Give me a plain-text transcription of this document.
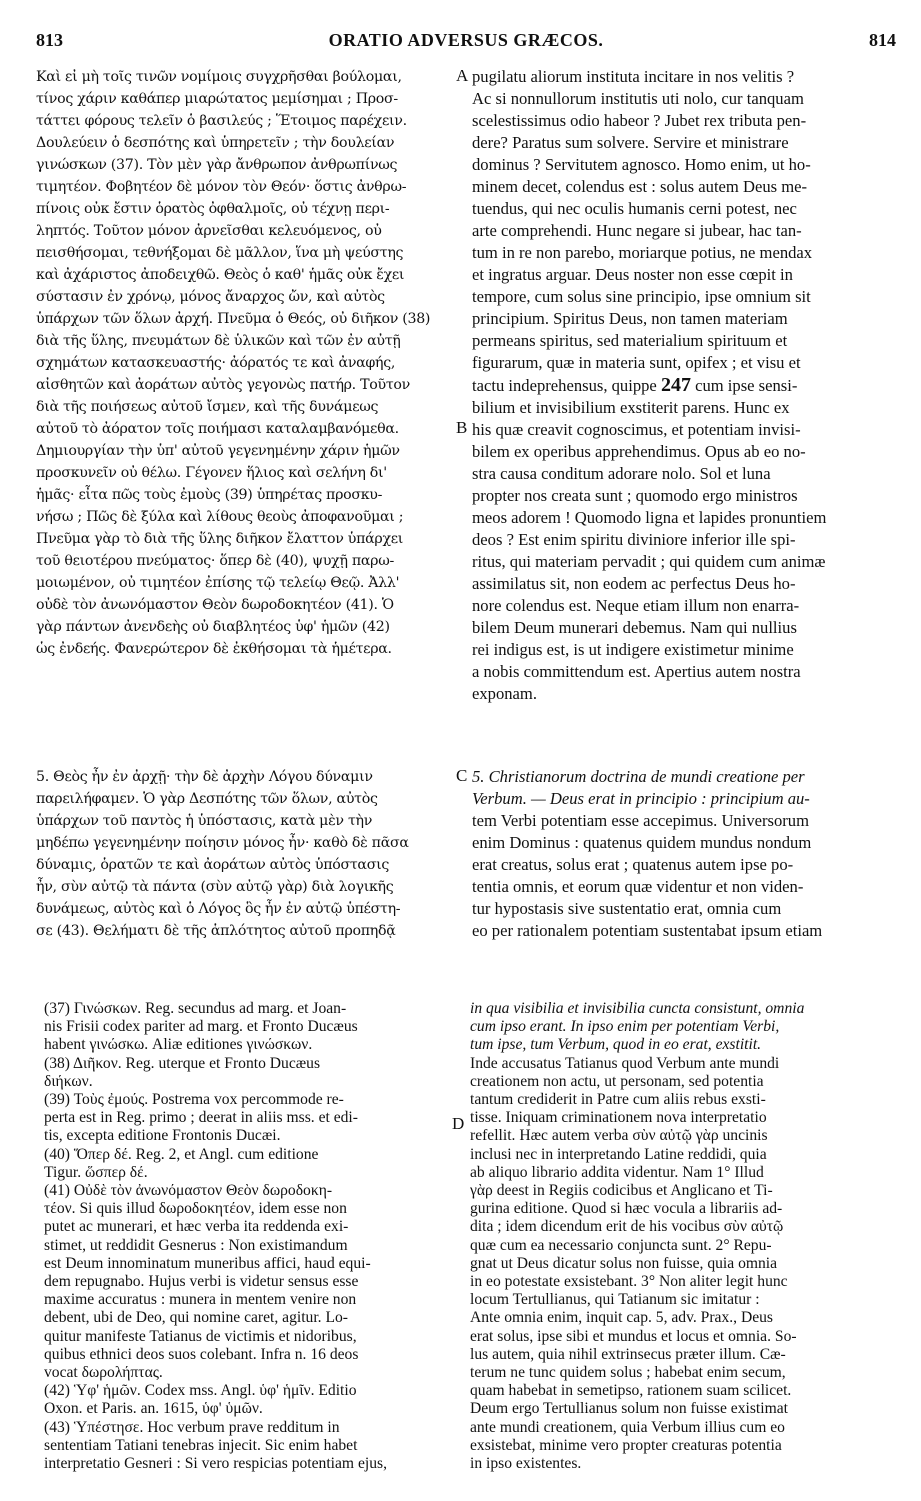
813	ORATIO ADVERSUS GRÆCOS.	814
Καὶ εἰ μὴ τοῖς τινῶν νομίμοις συγχρῆσθαι βούλομαι,
τίνος χάριν καθάπερ μιαρώτατος μεμίσημαι ; Προσ-
τάττει φόρους τελεῖν ὁ βασιλεύς ; Ἕτοιμος παρέχειν.
Δουλεύειν ὁ δεσπότης καὶ ὑπηρετεῖν ; τὴν δουλείαν
γινώσκων (37). Τὸν μὲν γὰρ ἄνθρωπον ἀνθρωπίνως
τιμητέον. Φοβητέον δὲ μόνον τὸν Θεόν· ὅστις ἀνθρω-
πίνοις οὐκ ἔστιν ὁρατὸς ὀφθαλμοῖς, οὐ τέχνῃ περι-
ληπτός. Τοῦτον μόνον ἀρνεῖσθαι κελευόμενος, οὐ
πεισθήσομαι, τεθνήξομαι δὲ μᾶλλον, ἵνα μὴ ψεύστης
καὶ ἀχάριστος ἀποδειχθῶ. Θεὸς ὁ καθ' ἡμᾶς οὐκ ἔχει
σύστασιν ἐν χρόνῳ, μόνος ἄναρχος ὤν, καὶ αὐτὸς
ὑπάρχων τῶν ὅλων ἀρχή. Πνεῦμα ὁ Θεός, οὐ διῆκον (38)
διὰ τῆς ὕλης, πνευμάτων δὲ ὑλικῶν καὶ τῶν ἐν αὐτῇ
σχημάτων κατασκευαστής· ἀόρατός τε καὶ ἀναφής,
αἰσθητῶν καὶ ἀοράτων αὐτὸς γεγονὼς πατήρ. Τοῦτον
διὰ τῆς ποιήσεως αὐτοῦ ἴσμεν, καὶ τῆς δυνάμεως
αὐτοῦ τὸ ἀόρατον τοῖς ποιήμασι καταλαμβανόμεθα.
Δημιουργίαν τὴν ὑπ' αὐτοῦ γεγενημένην χάριν ἡμῶν
προσκυνεῖν οὐ θέλω. Γέγονεν ἥλιος καὶ σελήνη δι'
ἡμᾶς· εἶτα πῶς τοὺς ἐμοὺς (39) ὑπηρέτας προσκυ-
νήσω ; Πῶς δὲ ξύλα καὶ λίθους θεοὺς ἀποφανοῦμαι ;
Πνεῦμα γὰρ τὸ διὰ τῆς ὕλης διῆκον ἔλαττον ὑπάρχει
τοῦ θειοτέρου πνεύματος· ὅπερ δὲ (40), ψυχῇ παρω-
μοιωμένον, οὐ τιμητέον ἐπίσης τῷ τελείῳ Θεῷ. Ἀλλ'
οὐδὲ τὸν ἀνωνόμαστον Θεὸν δωροδοκητέον (41). Ὁ
γὰρ πάντων ἀνενδεὴς οὐ διαβλητέος ὑφ' ἡμῶν (42)
ὡς ἐνδεής. Φανερώτερον δὲ ἐκθήσομαι τὰ ἡμέτερα.
pugilatu aliorum instituta incitare in nos velitis ?
Ac si nonnullorum institutis uti nolo, cur tanquam
scelestissimus odio habeor ? Jubet rex tributa pen-
dere? Paratus sum solvere. Servire et ministrare
dominus ? Servitutem agnosco. Homo enim, ut ho-
minem decet, colendus est : solus autem Deus me-
tuendus, qui nec oculis humanis cerni potest, nec
arte comprehendi. Hunc negare si jubear, hac tan-
tum in re non parebo, moriarque potius, ne mendax
et ingratus arguar. Deus noster non esse cœpit in
tempore, cum solus sine principio, ipse omnium sit
principium. Spiritus Deus, non tamen materiam
permeans spiritus, sed materialium spirituum et
figurarum, quæ in materia sunt, opifex ; et visu et
tactu indeprehensus, quippe 247 cum ipse sensi-
bilium et invisibilium exstiterit parens. Hunc ex
his quæ creavit cognoscimus, et potentiam invisi-
bilem ex operibus apprehendimus. Opus ab eo no-
stra causa conditum adorare nolo. Sol et luna
propter nos creata sunt ; quomodo ergo ministros
meos adorem ! Quomodo ligna et lapides pronuntiem
deos ? Est enim spiritu diviniore inferior ille spi-
ritus, qui materiam pervadit ; qui quidem cum animæ
assimilatus sit, non eodem ac perfectus Deus ho-
nore colendus est. Neque etiam illum non enarra-
bilem Deum munerari debemus. Nam qui nullius
rei indigus est, is ut indigere existimetur minime
a nobis committendum est. Apertius autem nostra
exponam.
A
B
C
D
5. Θεὸς ἦν ἐν ἀρχῇ· τὴν δὲ ἀρχὴν Λόγου δύναμιν
παρειλήφαμεν. Ὁ γὰρ Δεσπότης τῶν ὅλων, αὐτὸς
ὑπάρχων τοῦ παντὸς ἡ ὑπόστασις, κατὰ μὲν τὴν
μηδέπω γεγενημένην ποίησιν μόνος ἦν· καθὸ δὲ πᾶσα
δύναμις, ὁρατῶν τε καὶ ἀοράτων αὐτὸς ὑπόστασις
ἦν, σὺν αὐτῷ τὰ πάντα (σὺν αὐτῷ γὰρ) διὰ λογικῆς
δυνάμεως, αὐτὸς καὶ ὁ Λόγος ὃς ἦν ἐν αὐτῷ ὑπέστη-
σε (43). Θελήματι δὲ τῆς ἁπλότητος αὐτοῦ προπηδᾷ
5. Christianorum doctrina de mundi creatione per
Verbum. — Deus erat in principio : principium au-
tem Verbi potentiam esse accepimus. Universorum
enim Dominus : quatenus quidem mundus nondum
erat creatus, solus erat ; quatenus autem ipse po-
tentia omnis, et eorum quæ videntur et non viden-
tur hypostasis sive sustentatio erat, omnia cum
eo per rationalem potentiam sustentabat ipsum etiam
(37) Γινώσκων. Reg. secundus ad marg. et Joan-
nis Frisii codex pariter ad marg. et Fronto Ducæus
habent γινώσκω. Aliæ editiones γινώσκων.
(38) Διῆκον. Reg. uterque et Fronto Ducæus
διήκων.
(39) Τοὺς ἐμούς. Postrema vox percommode re-
perta est in Reg. primo ; deerat in aliis mss. et edi-
tis, excepta editione Frontonis Ducæi.
(40) Ὅπερ δέ. Reg. 2, et Angl. cum editione
Tigur. ὥσπερ δέ.
(41) Οὐδὲ τὸν ἀνωνόμαστον Θεὸν δωροδοκη-
τέον. Si quis illud δωροδοκητέον, idem esse non
putet ac munerari, et hæc verba ita reddenda exi-
stimet, ut reddidit Gesnerus : Non existimandum
est Deum innominatum muneribus affici, haud equi-
dem repugnabo. Hujus verbi is videtur sensus esse
maxime accuratus : munera in mentem venire non
debent, ubi de Deo, qui nomine caret, agitur. Lo-
quitur manifeste Tatianus de victimis et nidoribus,
quibus ethnici deos suos colebant. Infra n. 16 deos
vocat δωρολήπτας.
(42) Ὑφ' ἡμῶν. Codex mss. Angl. ὑφ' ἡμῖν. Editio
Oxon. et Paris. an. 1615, ὑφ' ὑμῶν.
(43) Ὑπέστησε. Hoc verbum prave redditum in
sententiam Tatiani tenebras injecit. Sic enim habet
interpretatio Gesneri : Si vero respicias potentiam ejus,
in qua visibilia et invisibilia cuncta consistunt, omnia
cum ipso erant. In ipso enim per potentiam Verbi,
tum ipse, tum Verbum, quod in eo erat, exstitit.
Inde accusatus Tatianus quod Verbum ante mundi
creationem non actu, ut personam, sed potentia
tantum crediderit in Patre cum aliis rebus exsti-
tisse. Iniquam criminationem nova interpretatio
refellit. Hæc autem verba σὺν αὐτῷ γὰρ uncinis
inclusi nec in interpretando Latine reddidi, quia
ab aliquo librario addita videntur. Nam 1° Illud
γὰρ deest in Regiis codicibus et Anglicano et Ti-
gurina editione. Quod si hæc vocula a librariis ad-
dita ; idem dicendum erit de his vocibus σὺν αὐτῷ
quæ cum ea necessario conjuncta sunt. 2° Repu-
gnat ut Deus dicatur solus non fuisse, quia omnia
in eo potestate exsistebant. 3° Non aliter legit hunc
locum Tertullianus, qui Tatianum sic imitatur :
Ante omnia enim, inquit cap. 5, adv. Prax., Deus
erat solus, ipse sibi et mundus et locus et omnia. So-
lus autem, quia nihil extrinsecus præter illum. Cæ-
terum ne tunc quidem solus ; habebat enim secum,
quam habebat in semetipso, rationem suam scilicet.
Deum ergo Tertullianus solum non fuisse existimat
ante mundi creationem, quia Verbum illius cum eo
exsistebat, minime vero propter creaturas potentia
in ipso existentes.
